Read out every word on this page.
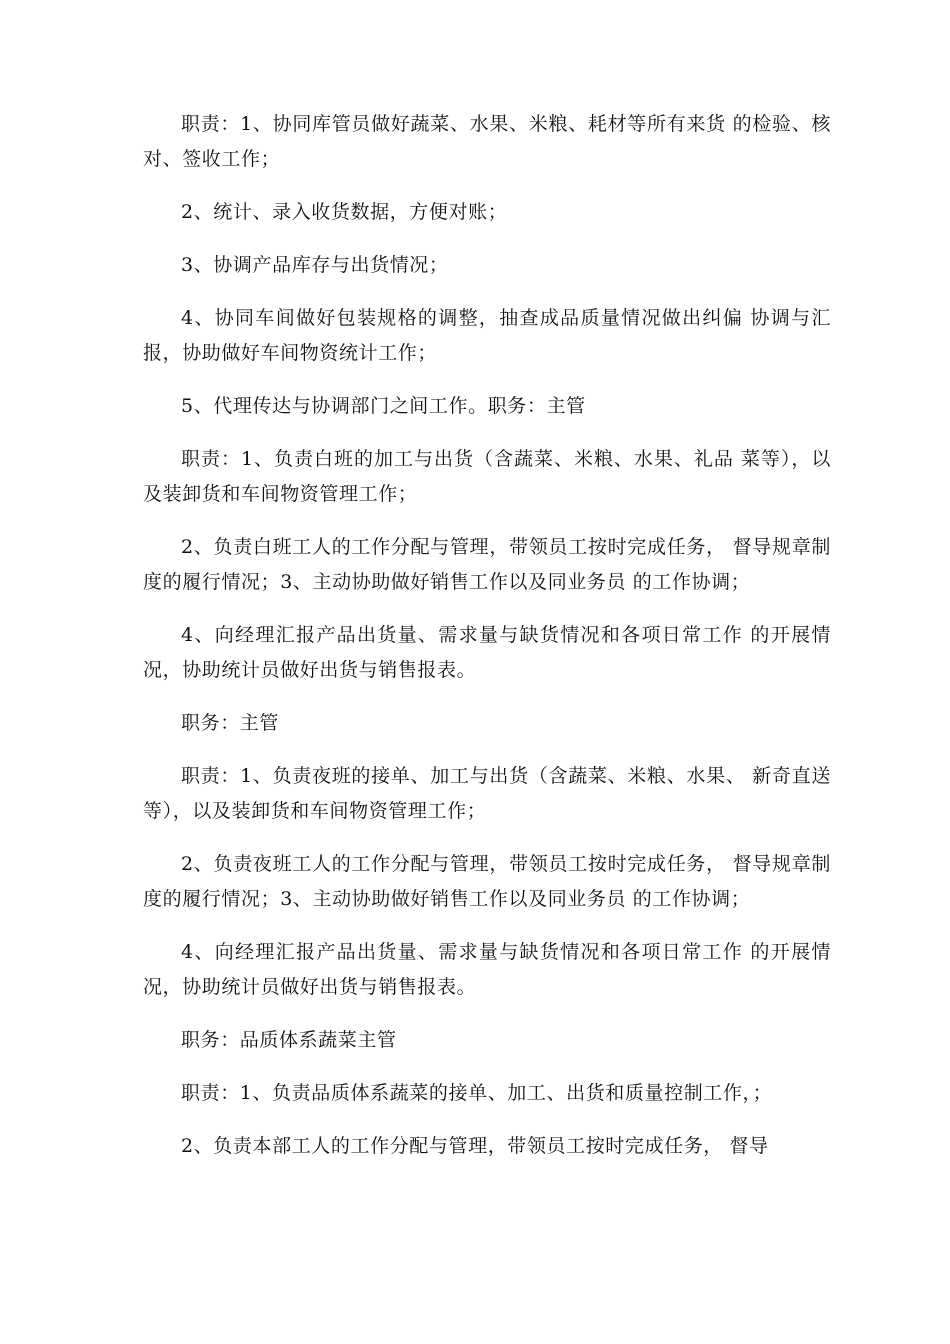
职责：1、协同库管员做好蔬菜、水果、米粮、耗材等所有来货 的检验、核对、签收工作；

2、统计、录入收货数据，方便对账；

3、协调产品库存与出货情况；

4、协同车间做好包装规格的调整，抽查成品质量情况做出纠偏 协调与汇报，协助做好车间物资统计工作；

5、代理传达与协调部门之间工作。职务：主管

职责：1、负责白班的加工与出货（含蔬菜、米粮、水果、礼品 菜等），以及装卸货和车间物资管理工作；

2、负责白班工人的工作分配与管理，带领员工按时完成任务， 督导规章制度的履行情况；3、主动协助做好销售工作以及同业务员 的工作协调；

4、向经理汇报产品出货量、需求量与缺货情况和各项日常工作 的开展情况，协助统计员做好出货与销售报表。

职务：主管

职责：1、负责夜班的接单、加工与出货（含蔬菜、米粮、水果、 新奇直送等），以及装卸货和车间物资管理工作；

2、负责夜班工人的工作分配与管理，带领员工按时完成任务， 督导规章制度的履行情况；3、主动协助做好销售工作以及同业务员 的工作协调；

4、向经理汇报产品出货量、需求量与缺货情况和各项日常工作 的开展情况，协助统计员做好出货与销售报表。

职务：品质体系蔬菜主管

职责：1、负责品质体系蔬菜的接单、加工、出货和质量控制工作，；

2、负责本部工人的工作分配与管理，带领员工按时完成任务， 督导
